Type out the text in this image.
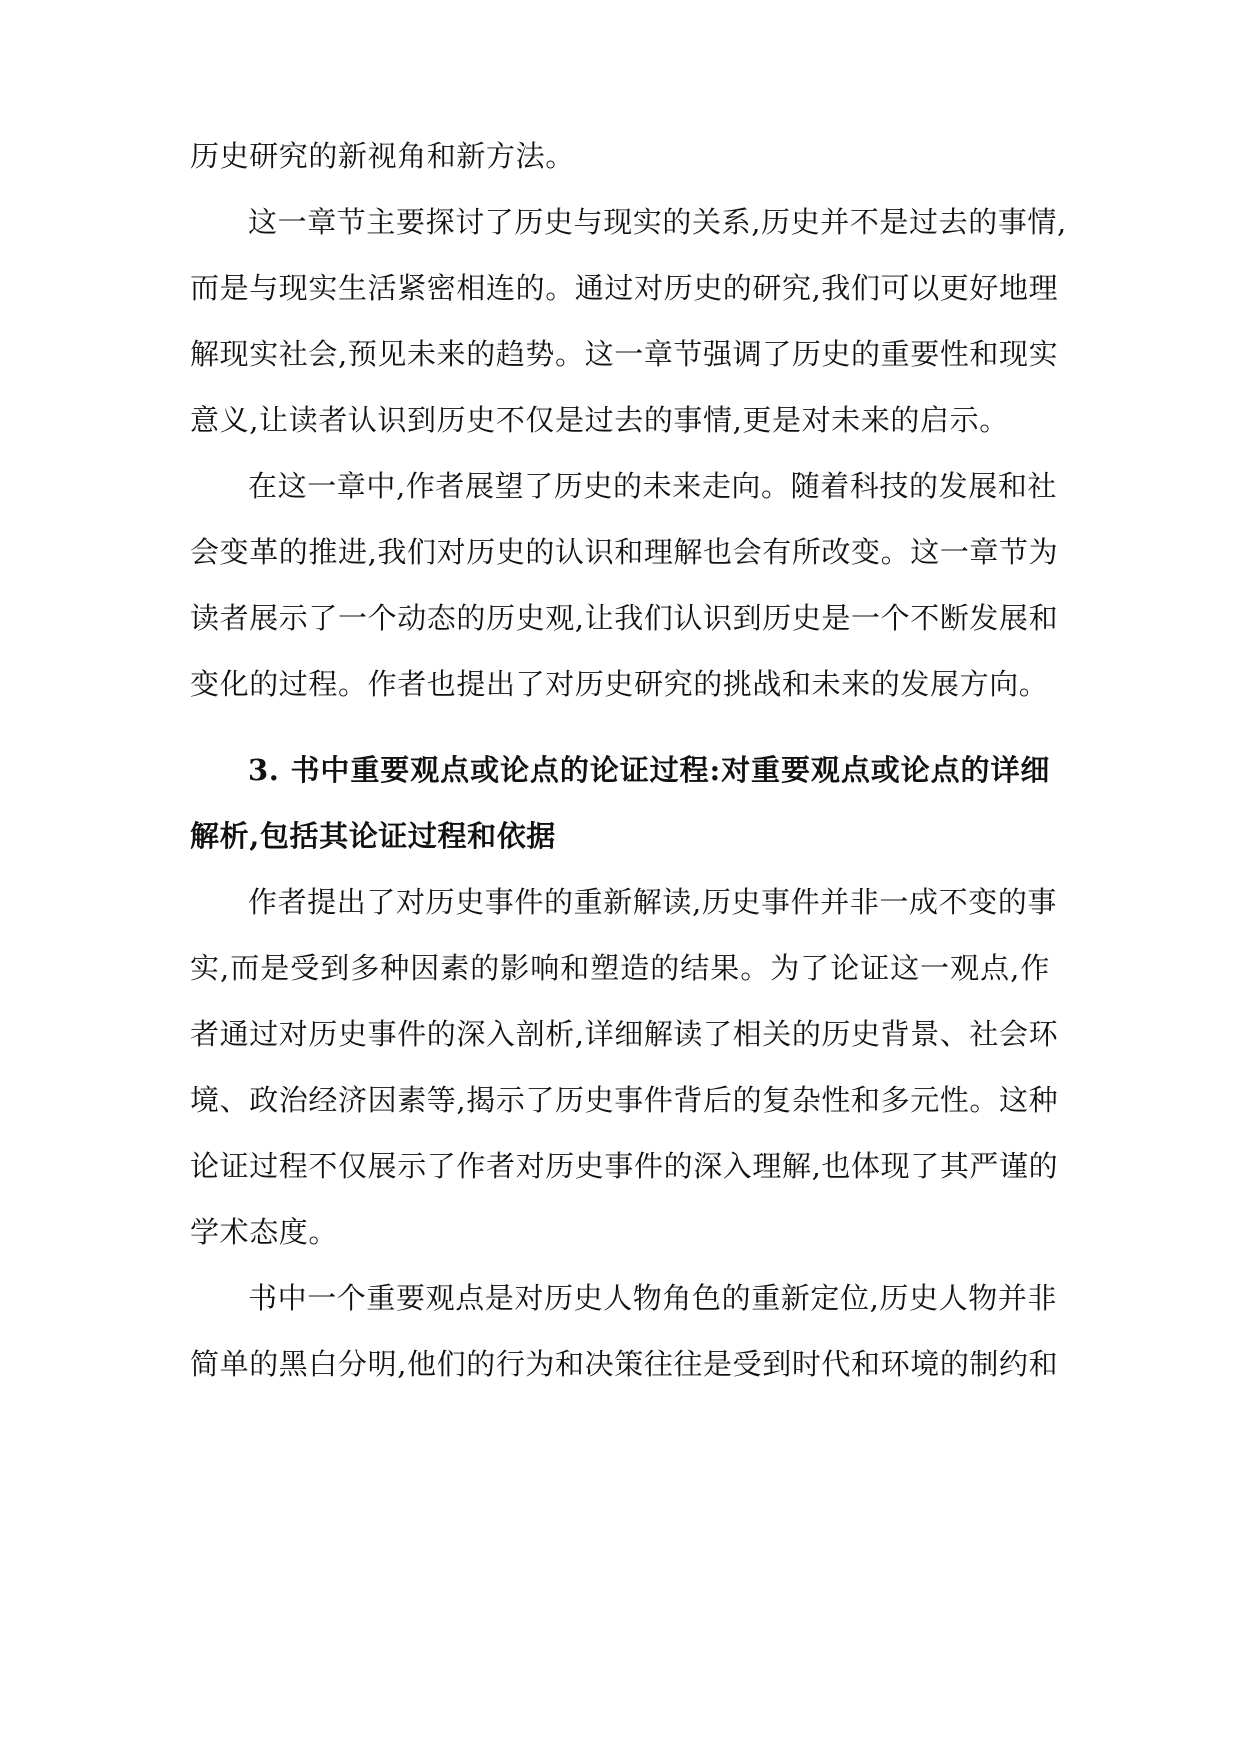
历史研究的新视角和新方法。
这一章节主要探讨了历史与现实的关系,历史并不是过去的事情,
而是与现实生活紧密相连的。通过对历史的研究,我们可以更好地理
解现实社会,预见未来的趋势。这一章节强调了历史的重要性和现实
意义,让读者认识到历史不仅是过去的事情,更是对未来的启示。
在这一章中,作者展望了历史的未来走向。随着科技的发展和社
会变革的推进,我们对历史的认识和理解也会有所改变。这一章节为
读者展示了一个动态的历史观,让我们认识到历史是一个不断发展和
变化的过程。作者也提出了对历史研究的挑战和未来的发展方向。
3. 书中重要观点或论点的论证过程:对重要观点或论点的详细
解析,包括其论证过程和依据
作者提出了对历史事件的重新解读,历史事件并非一成不变的事
实,而是受到多种因素的影响和塑造的结果。为了论证这一观点,作
者通过对历史事件的深入剖析,详细解读了相关的历史背景、社会环
境、政治经济因素等,揭示了历史事件背后的复杂性和多元性。这种
论证过程不仅展示了作者对历史事件的深入理解,也体现了其严谨的
学术态度。
书中一个重要观点是对历史人物角色的重新定位,历史人物并非
简单的黑白分明,他们的行为和决策往往是受到时代和环境的制约和
